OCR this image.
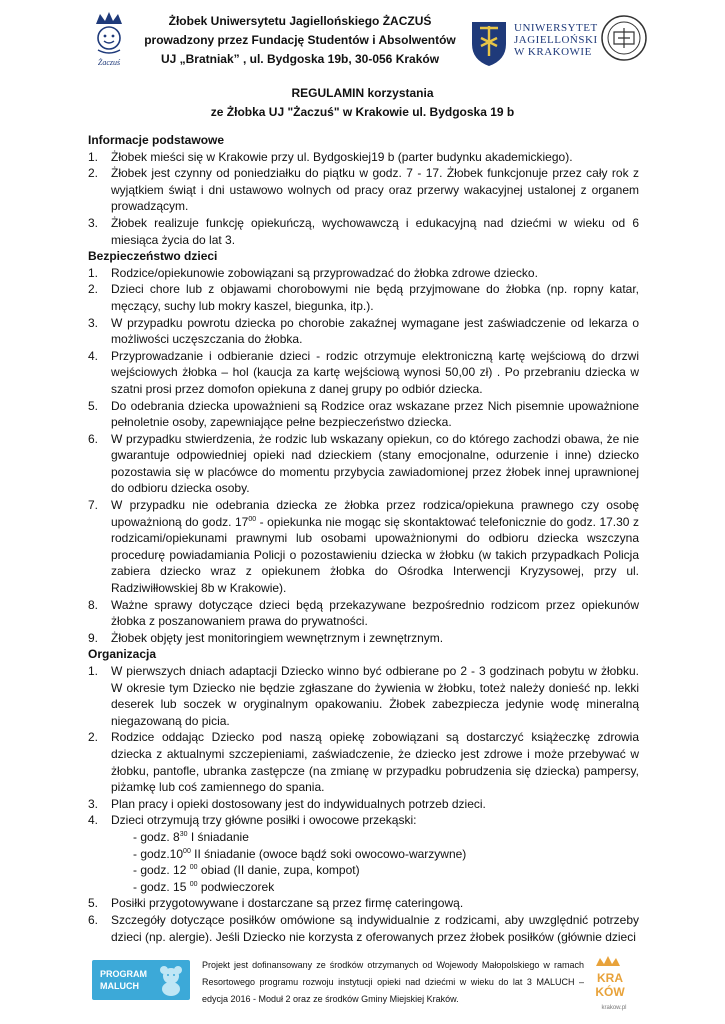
Żaczuś
Żłobek Uniwersytetu Jagiellońskiego ŻACZUŚ
prowadzony przez Fundację Studentów i Absolwentów
UJ „Bratniak” , ul. Bydgoska 19b, 30-056 Kraków
UNIWERSYTET
JAGIELLOŃSKI
W KRAKOWIE
REGULAMIN korzystania
ze Żłobka UJ "Żaczuś" w Krakowie ul. Bydgoska 19 b
Informacje podstawowe
1. Żłobek mieści się w Krakowie przy ul. Bydgoskiej19 b (parter budynku akademickiego).
2. Żłobek jest czynny od poniedziałku do piątku w godz. 7 - 17. Żłobek funkcjonuje przez cały rok z wyjątkiem świąt i dni ustawowo wolnych od pracy oraz przerwy wakacyjnej ustalonej z organem prowadzącym.
3. Żłobek realizuje funkcję opiekuńczą, wychowawczą i edukacyjną nad dziećmi w wieku od 6 miesiąca życia do lat 3.
Bezpieczeństwo dzieci
1. Rodzice/opiekunowie zobowiązani są przyprowadzać do żłobka zdrowe dziecko.
2. Dzieci chore lub z objawami chorobowymi nie będą przyjmowane do żłobka (np. ropny katar, męczący, suchy lub mokry kaszel, biegunka, itp.).
3. W przypadku powrotu dziecka po chorobie zakaźnej wymagane jest zaświadczenie od lekarza o możliwości uczęszczania do żłobka.
4. Przyprowadzanie i odbieranie dzieci - rodzic otrzymuje elektroniczną kartę wejściową do drzwi wejściowych żłobka – hol (kaucja za kartę wejściową wynosi 50,00 zł) . Po przebraniu dziecka w szatni prosi przez domofon opiekuna z danej grupy po odbiór dziecka.
5. Do odebrania dziecka upoważnieni są Rodzice oraz wskazane przez Nich pisemnie upoważnione pełnoletnie osoby, zapewniające pełne bezpieczeństwo dziecka.
6. W przypadku stwierdzenia, że rodzic lub wskazany opiekun, co do którego zachodzi obawa, że nie gwarantuje odpowiedniej opieki nad dzieckiem (stany emocjonalne, odurzenie i inne) dziecko pozostawia się w placówce do momentu przybycia zawiadomionej przez żłobek innej uprawnionej do odbioru dziecka osoby.
7. W przypadku nie odebrania dziecka ze żłobka przez rodzica/opiekuna prawnego czy osobę upoważnioną do godz. $17^{00}$ - opiekunka nie mogąc się skontaktować telefonicznie do godz. 17.30 z rodzicami/opiekunami prawnymi lub osobami upoważnionymi do odbioru dziecka wszczyna procedurę powiadamiania Policji o pozostawieniu dziecka w żłobku (w takich przypadkach Policja zabiera dziecko wraz z opiekunem żłobka do Ośrodka Interwencji Kryzysowej, przy ul. Radziwiłłowskiej 8b w Krakowie).
8. Ważne sprawy dotyczące dzieci będą przekazywane bezpośrednio rodzicom przez opiekunów żłobka z poszanowaniem prawa do prywatności.
9. Żłobek objęty jest monitoringiem wewnętrznym i zewnętrznym.
Organizacja
1. W pierwszych dniach adaptacji Dziecko winno być odbierane po 2 - 3 godzinach pobytu w żłobku. W okresie tym Dziecko nie będzie zgłaszane do żywienia w żłobku, toteż należy donieść np. lekki deserek lub soczek w oryginalnym opakowaniu. Żłobek zabezpiecza jedynie wodę mineralną niegazowaną do picia.
2. Rodzice oddając Dziecko pod naszą opiekę zobowiązani są dostarczyć książeczkę zdrowia dziecka z aktualnymi szczepieniami, zaświadczenie, że dziecko jest zdrowe i może przebywać w żłobku, pantofle, ubranka zastępcze (na zmianę w przypadku pobrudzenia się dziecka) pampersy, piżamkę lub coś zamiennego do spania.
3. Plan pracy i opieki dostosowany jest do indywidualnych potrzeb dzieci.
4. Dzieci otrzymują trzy główne posiłki i owocowe przekąski:
- godz. $8^{30}$ I śniadanie
- $godz.10^{00}$ II śniadanie (owoce bądź soki owocowo-warzywne)
- godz. 12 $^{00}$ obiad (II danie, zupa, kompot)
- godz. 15 $^{00}$ podwieczorek
5. Posiłki przygotowywane i dostarczane są przez firmę cateringową.
6. Szczegóły dotyczące posiłków omówione są indywidualnie z rodzicami, aby uwzględnić potrzeby dzieci (np. alergie). Jeśli Dziecko nie korzysta z oferowanych przez żłobek posiłków (głównie dzieci
PROGRAM
MALUCH
Projekt jest dofinansowany ze środków otrzymanych od Wojewody Małopolskiego w ramach Resortowego programu rozwoju instytucji opieki nad dziećmi w wieku do lat 3 MALUCH – edycja 2016 - Moduł 2 oraz ze środków Gminy Miejskiej Kraków.
KRA
KÓW
krakow.pl
